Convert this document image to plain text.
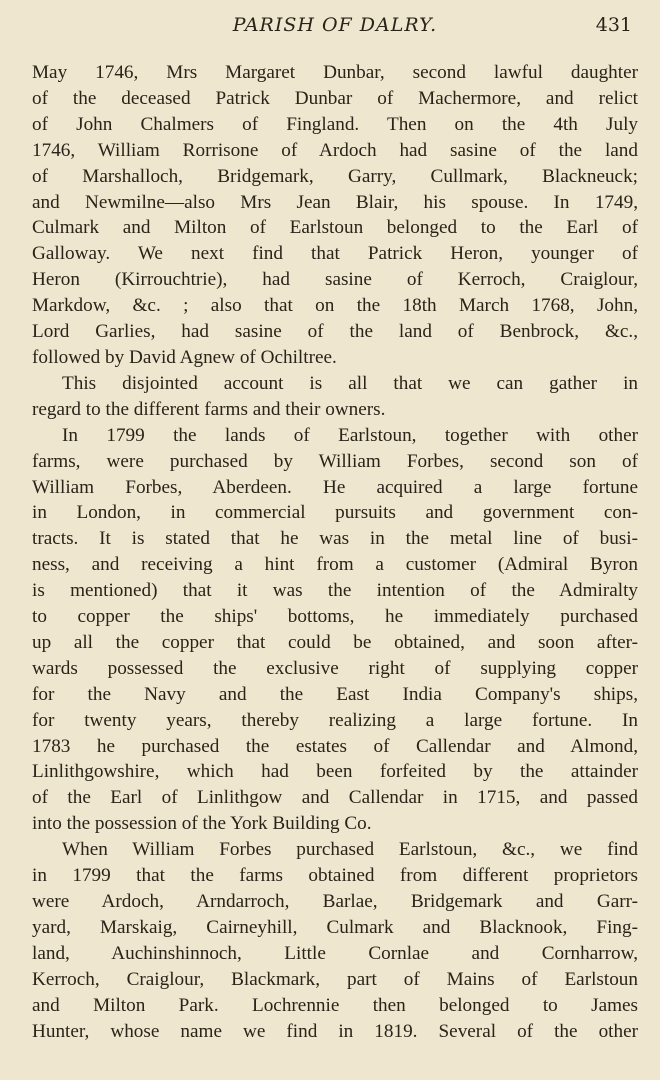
PARISH OF DALRY.	431
May 1746, Mrs Margaret Dunbar, second lawful daughter
of the deceased Patrick Dunbar of Machermore, and relict
of John Chalmers of Fingland. Then on the 4th July
1746, William Rorrisone of Ardoch had sasine of the land
of Marshalloch, Bridgemark, Garry, Cullmark, Blackneuck;
and Newmilne—also Mrs Jean Blair, his spouse. In 1749,
Culmark and Milton of Earlstoun belonged to the Earl of
Galloway. We next find that Patrick Heron, younger of
Heron (Kirrouchtrie), had sasine of Kerroch, Craiglour,
Markdow, &c. ; also that on the 18th March 1768, John,
Lord Garlies, had sasine of the land of Benbrock, &c.,
followed by David Agnew of Ochiltree.
This disjointed account is all that we can gather in
regard to the different farms and their owners.
In 1799 the lands of Earlstoun, together with other
farms, were purchased by William Forbes, second son of
William Forbes, Aberdeen. He acquired a large fortune
in London, in commercial pursuits and government con-
tracts. It is stated that he was in the metal line of busi-
ness, and receiving a hint from a customer (Admiral Byron
is mentioned) that it was the intention of the Admiralty
to copper the ships' bottoms, he immediately purchased
up all the copper that could be obtained, and soon after-
wards possessed the exclusive right of supplying copper
for the Navy and the East India Company's ships,
for twenty years, thereby realizing a large fortune. In
1783 he purchased the estates of Callendar and Almond,
Linlithgowshire, which had been forfeited by the attainder
of the Earl of Linlithgow and Callendar in 1715, and passed
into the possession of the York Building Co.
When William Forbes purchased Earlstoun, &c., we find
in 1799 that the farms obtained from different proprietors
were Ardoch, Arndarroch, Barlae, Bridgemark and Garr-
yard, Marskaig, Cairneyhill, Culmark and Blacknook, Fing-
land, Auchinshinnoch, Little Cornlae and Cornharrow,
Kerroch, Craiglour, Blackmark, part of Mains of Earlstoun
and Milton Park. Lochrennie then belonged to James
Hunter, whose name we find in 1819. Several of the other
